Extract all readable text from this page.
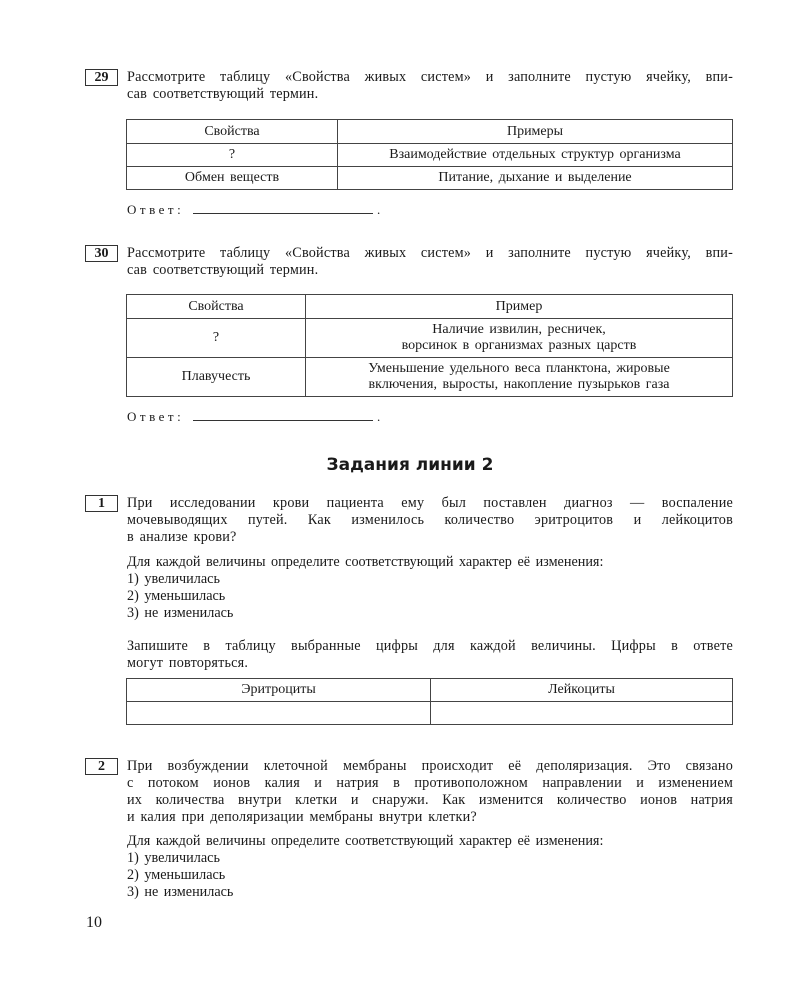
29	Рассмотрите таблицу «Свойства живых систем» и заполните пустую ячейку, впи-
сав соответствующий термин.
Свойства	Примеры
?	Взаимодействие отдельных структур организма
Обмен веществ	Питание, дыхание и выделение
Ответ:	.
30	Рассмотрите таблицу «Свойства живых систем» и заполните пустую ячейку, впи-
сав соответствующий термин.
Свойства	Пример
?	Наличие извилин, ресничек,
ворсинок в организмах разных царств

Плавучесть	Уменьшение удельного веса планктона, жировые
включения, выросты, накопление пузырьков газа
Ответ:	.
Задания линии 2
1	При исследовании крови пациента ему был поставлен диагноз — воспаление
мочевыводящих путей. Как изменилось количество эритроцитов и лейкоцитов
в анализе крови?
Для каждой величины определите соответствующий характер её изменения:
1) увеличилась
2) уменьшилась
3) не изменилась
Запишите в таблицу выбранные цифры для каждой величины. Цифры в ответе
могут повторяться.
Эритроциты	Лейкоциты

2	При возбуждении клеточной мембраны происходит её деполяризация. Это связано
с потоком ионов калия и натрия в противоположном направлении и изменением
их количества внутри клетки и снаружи. Как изменится количество ионов натрия
и калия при деполяризации мембраны внутри клетки?
Для каждой величины определите соответствующий характер её изменения:
1) увеличилась
2) уменьшилась
3) не изменилась
10
